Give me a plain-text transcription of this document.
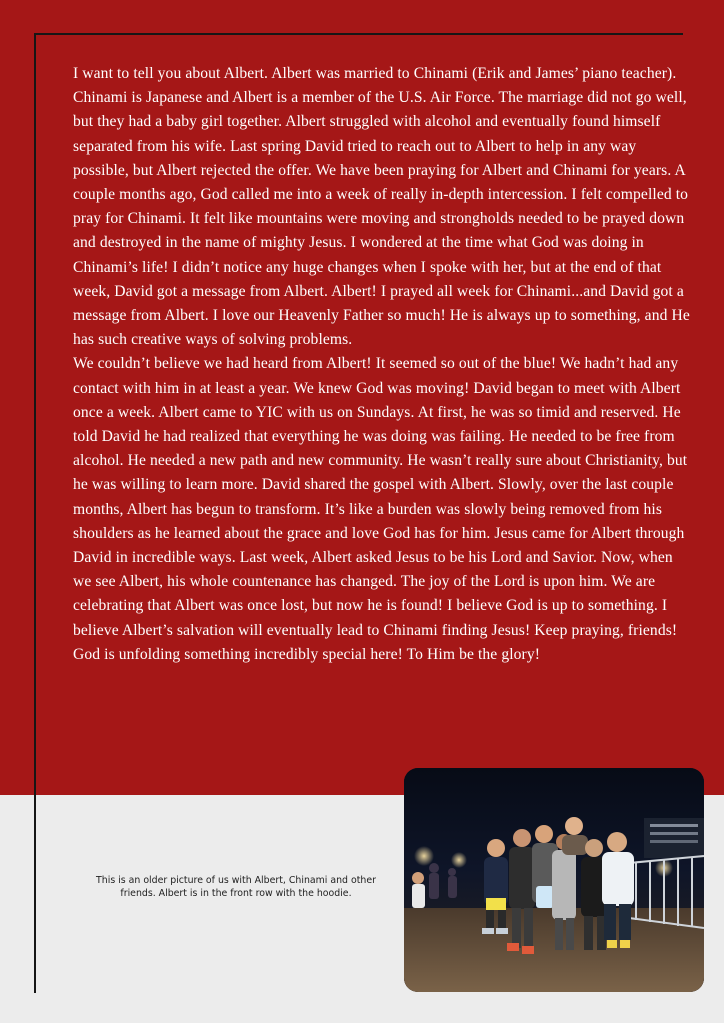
I want to tell you about Albert. Albert was married to Chinami (Erik and James’ piano teacher). Chinami is Japanese and Albert is a member of the U.S. Air Force. The marriage did not go well, but they had a baby girl together. Albert struggled with alcohol and eventually found himself separated from his wife. Last spring David tried to reach out to Albert to help in any way possible, but Albert rejected the offer. We have been praying for Albert and Chinami for years. A couple months ago, God called me into a week of really in-depth intercession. I felt compelled to pray for Chinami. It felt like mountains were moving and strongholds needed to be prayed down and destroyed in the name of mighty Jesus. I wondered at the time what God was doing in Chinami’s life! I didn’t notice any huge changes when I spoke with her, but at the end of that week, David got a message from Albert. Albert! I prayed all week for Chinami...and David got a message from Albert. I love our Heavenly Father so much! He is always up to something, and He has such creative ways of solving problems.

We couldn’t believe we had heard from Albert! It seemed so out of the blue! We hadn’t had any contact with him in at least a year. We knew God was moving! David began to meet with Albert once a week. Albert came to YIC with us on Sundays. At first, he was so timid and reserved. He told David he had realized that everything he was doing was failing. He needed to be free from alcohol. He needed a new path and new community. He wasn’t really sure about Christianity, but he was willing to learn more. David shared the gospel with Albert. Slowly, over the last couple months, Albert has begun to transform. It’s like a burden was slowly being removed from his shoulders as he learned about the grace and love God has for him. Jesus came for Albert through David in incredible ways. Last week, Albert asked Jesus to be his Lord and Savior. Now, when we see Albert, his whole countenance has changed. The joy of the Lord is upon him. We are celebrating that Albert was once lost, but now he is found! I believe God is up to something. I believe Albert’s salvation will eventually lead to Chinami finding Jesus! Keep praying, friends! God is unfolding something incredibly special here! To Him be the glory!

This is an older picture of us with Albert, Chinami and other friends. Albert is in the front row with the hoodie.
